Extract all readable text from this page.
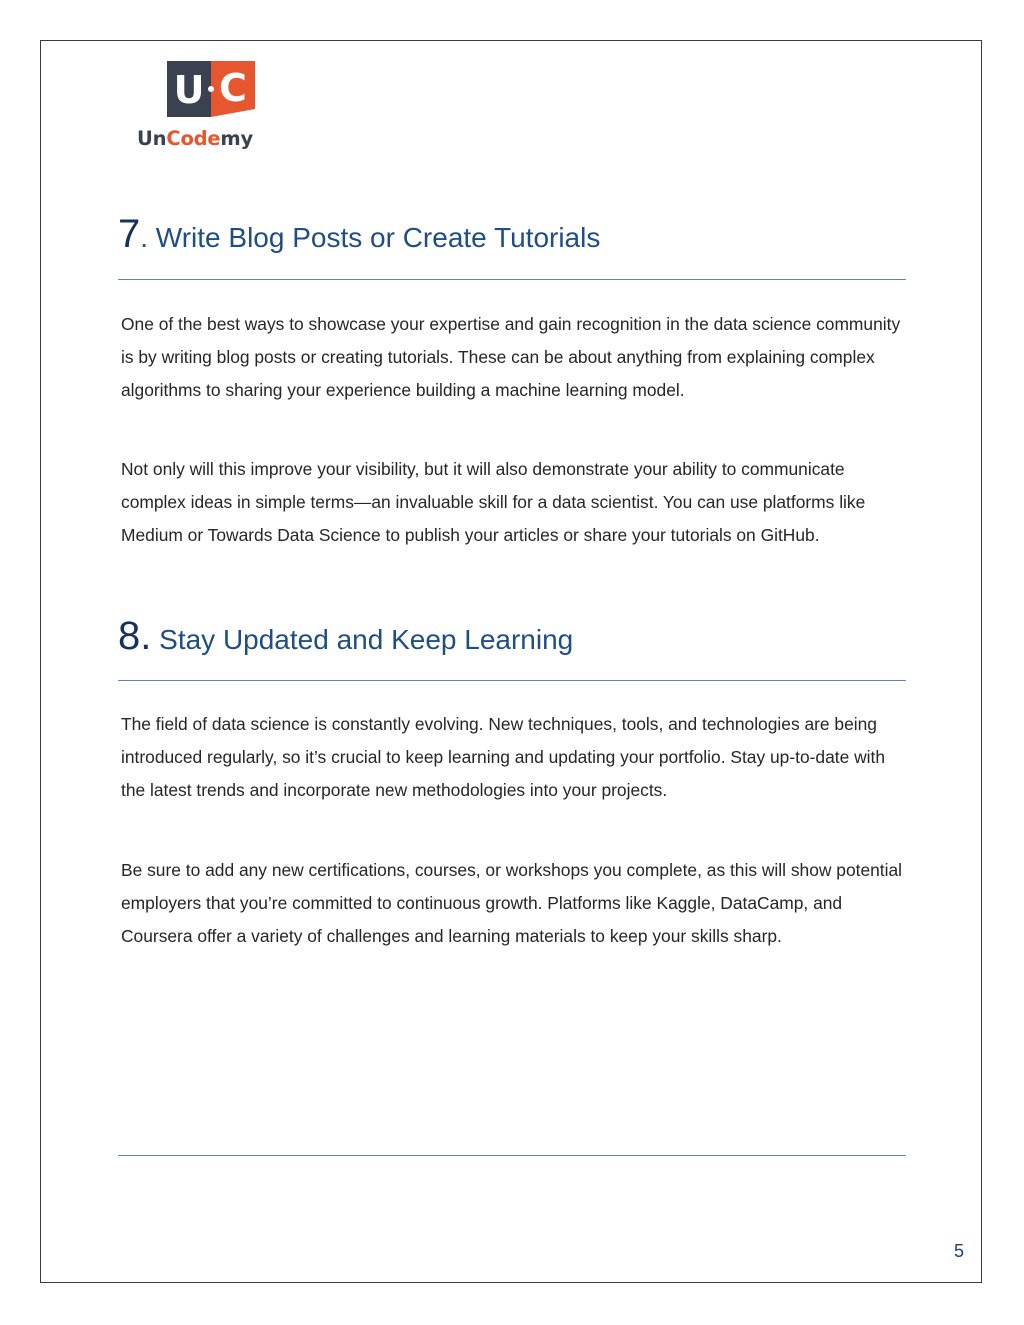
U C
UnCodemy
7. Write Blog Posts or Create Tutorials

One of the best ways to showcase your expertise and gain recognition in the data science community is by writing blog posts or creating tutorials. These can be about anything from explaining complex algorithms to sharing your experience building a machine learning model.

Not only will this improve your visibility, but it will also demonstrate your ability to communicate complex ideas in simple terms—an invaluable skill for a data scientist. You can use platforms like Medium or Towards Data Science to publish your articles or share your tutorials on GitHub.

8. Stay Updated and Keep Learning

The field of data science is constantly evolving. New techniques, tools, and technologies are being introduced regularly, so it’s crucial to keep learning and updating your portfolio. Stay up-to-date with the latest trends and incorporate new methodologies into your projects.

Be sure to add any new certifications, courses, or workshops you complete, as this will show potential employers that you’re committed to continuous growth. Platforms like Kaggle, DataCamp, and Coursera offer a variety of challenges and learning materials to keep your skills sharp.

5
